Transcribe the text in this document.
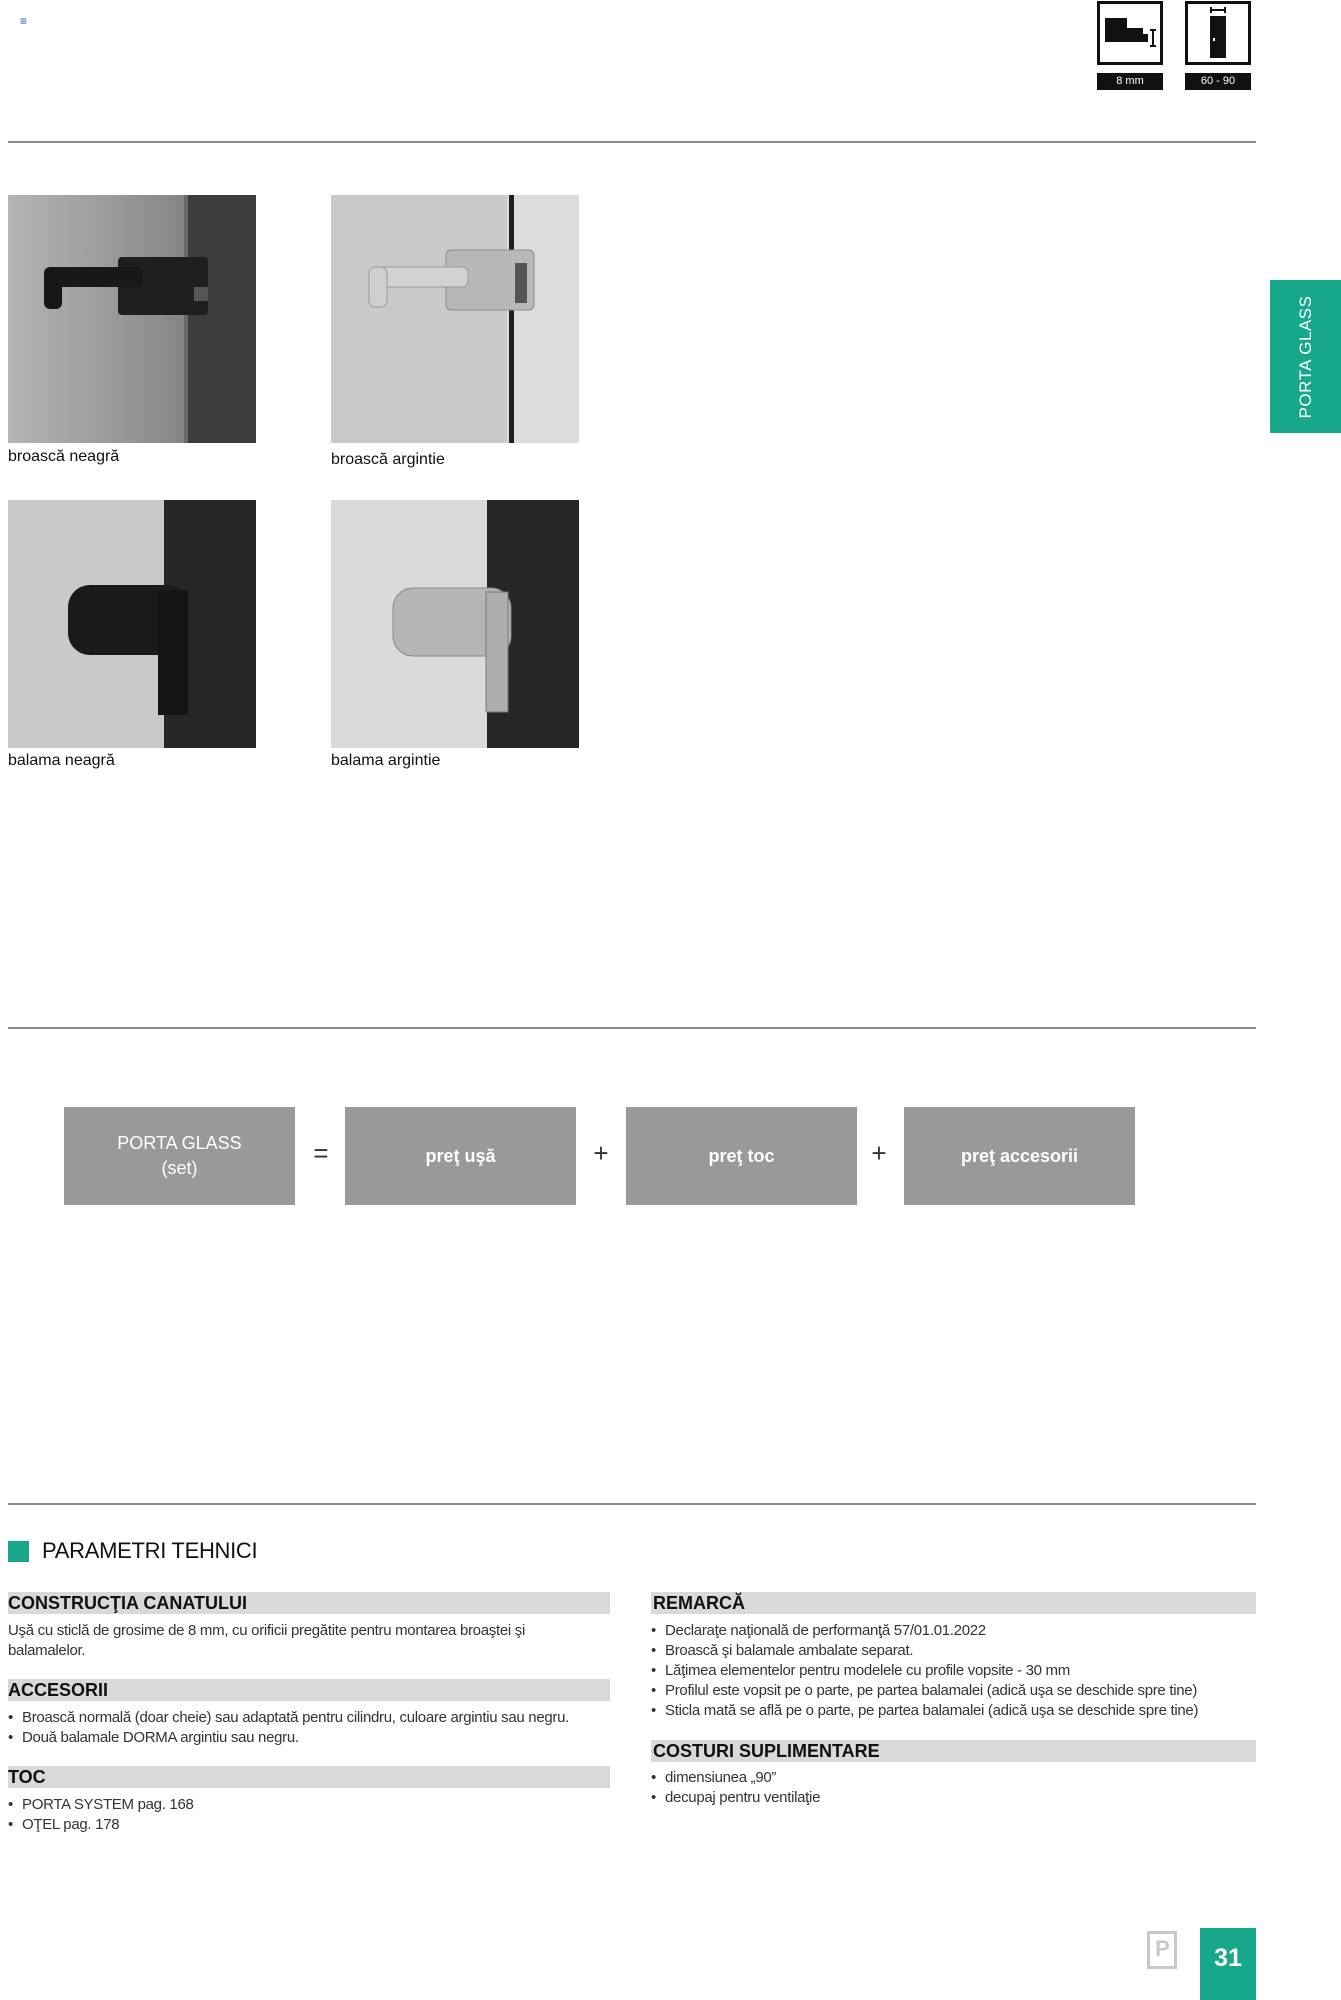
≡
8 mm	60 - 90
PORTA GLASS
broască neagră	broască argintie
balama neagră	balama argintie
PORTA GLASS
(set)	=	preţ uşă	+	preţ toc	+	preţ accesorii
PARAMETRI TEHNICI
CONSTRUCŢIA CANATULUI
Uşă cu sticlă de grosime de 8 mm, cu orificii pregătite pentru montarea broaştei şi balamalelor.
ACCESORII
• Broască normală (doar cheie) sau adaptată pentru cilindru, culoare argintiu sau negru.
• Două balamale DORMA argintiu sau negru.
TOC
• PORTA SYSTEM pag. 168
• OŢEL pag. 178
REMARCĂ
• Declaraţe naţională de performanţă 57/01.01.2022
• Broască şi balamale ambalate separat.
• Lăţimea elementelor pentru modelele cu profile vopsite - 30 mm
• Profilul este vopsit pe o parte, pe partea balamalei (adică uşa se deschide spre tine)
• Sticla mată se află pe o parte, pe partea balamalei (adică uşa se deschide spre tine)
COSTURI SUPLIMENTARE
• dimensiunea „90”
• decupaj pentru ventilaţie
P	31
